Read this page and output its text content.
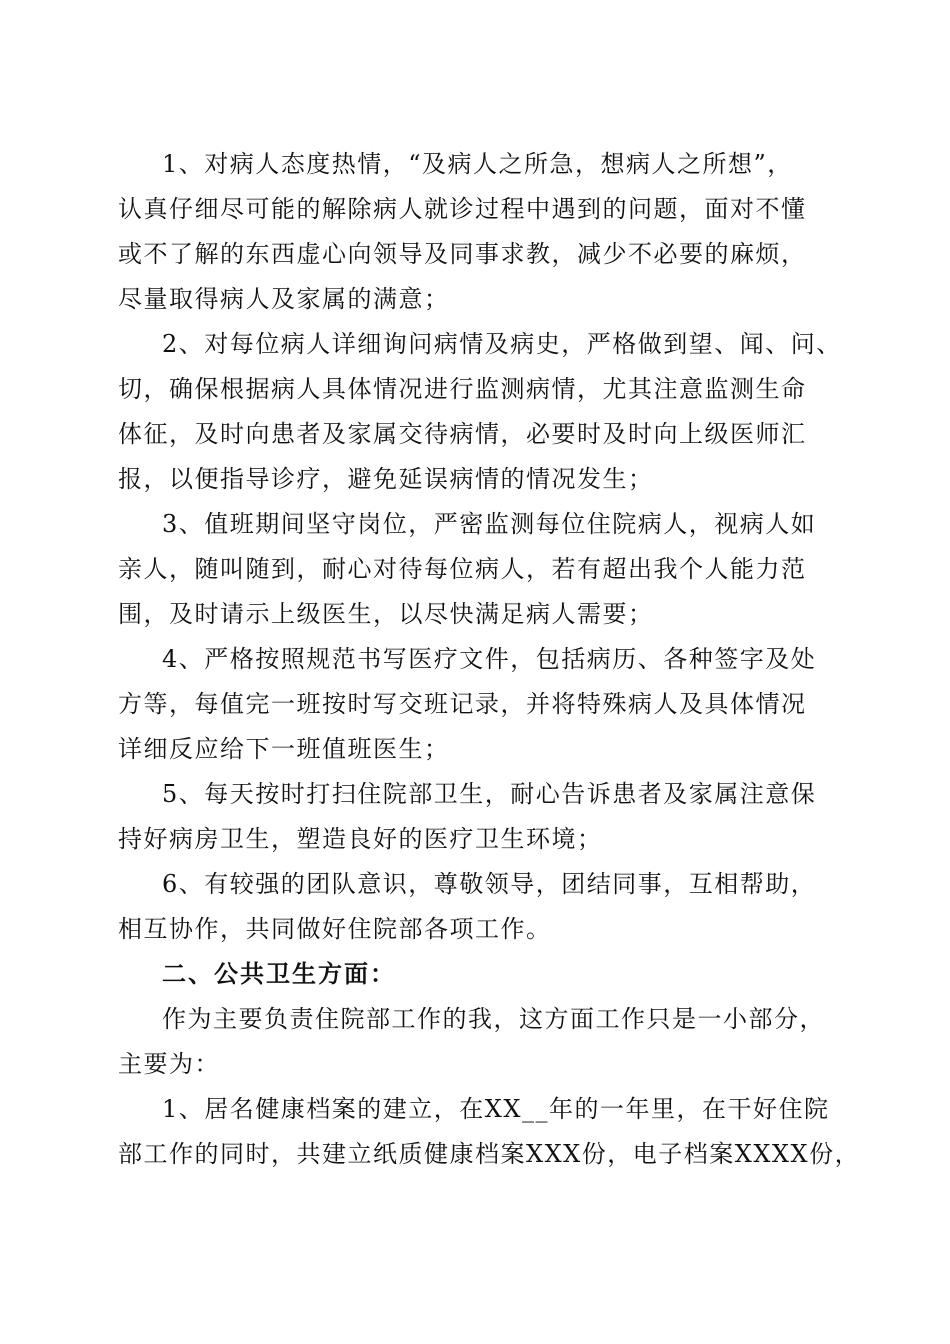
1、对病人态度热情，“及病人之所急，想病人之所想”，
认真仔细尽可能的解除病人就诊过程中遇到的问题，面对不懂
或不了解的东西虚心向领导及同事求教，减少不必要的麻烦，
尽量取得病人及家属的满意；
2、对每位病人详细询问病情及病史，严格做到望、闻、问、
切，确保根据病人具体情况进行监测病情，尤其注意监测生命
体征，及时向患者及家属交待病情，必要时及时向上级医师汇
报，以便指导诊疗，避免延误病情的情况发生；
3、值班期间坚守岗位，严密监测每位住院病人，视病人如
亲人，随叫随到，耐心对待每位病人，若有超出我个人能力范
围，及时请示上级医生，以尽快满足病人需要；
4、严格按照规范书写医疗文件，包括病历、各种签字及处
方等，每值完一班按时写交班记录，并将特殊病人及具体情况
详细反应给下一班值班医生；
5、每天按时打扫住院部卫生，耐心告诉患者及家属注意保
持好病房卫生，塑造良好的医疗卫生环境；
6、有较强的团队意识，尊敬领导，团结同事，互相帮助，
相互协作，共同做好住院部各项工作。
二、公共卫生方面：
作为主要负责住院部工作的我，这方面工作只是一小部分，
主要为：
1、居名健康档案的建立，在XX__年的一年里，在干好住院
部工作的同时，共建立纸质健康档案XXX份，电子档案XXXX份，
